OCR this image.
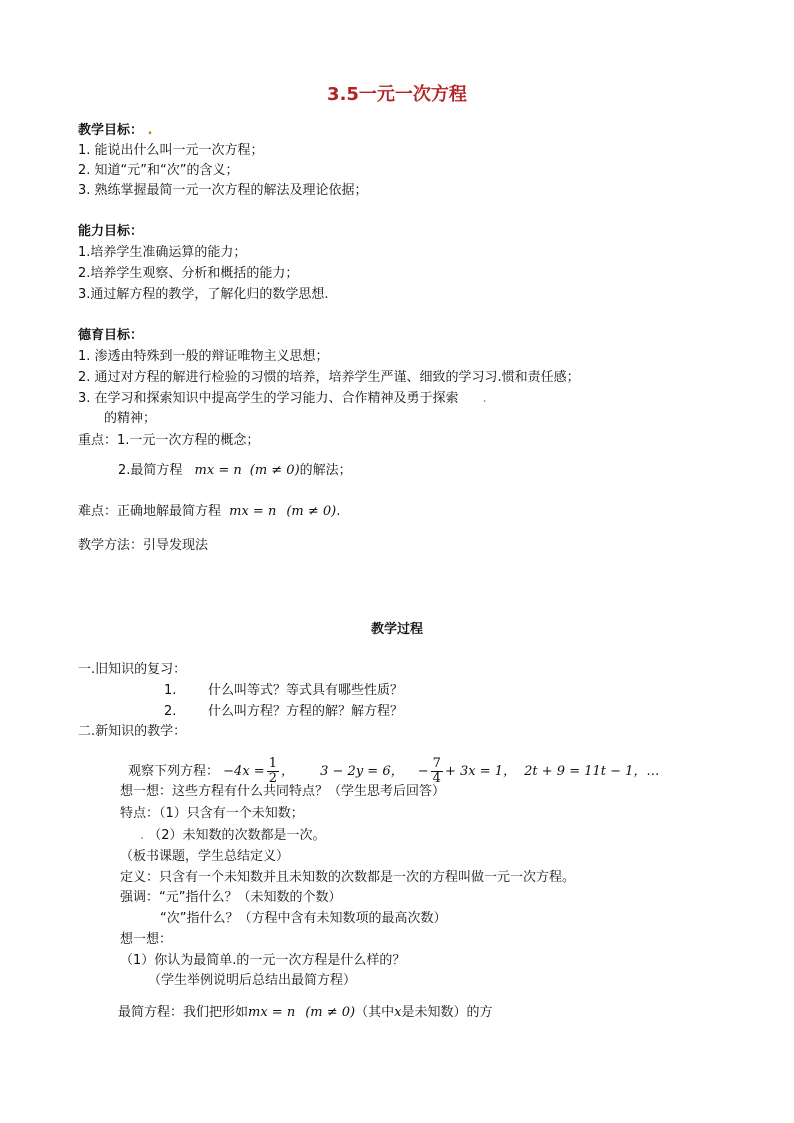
3.5一元一次方程
教学目标： .
1. 能说出什么叫一元一次方程；
2. 知道“元”和“次”的含义；
3. 熟练掌握最简一元一次方程的解法及理论依据；
能力目标：
1.培养学生准确运算的能力；
2.培养学生观察、分析和概括的能力；
3.通过解方程的教学，了解化归的数学思想.
德育目标：
1. 渗透由特殊到一般的辩证唯物主义思想；
2. 通过对方程的解进行检验的习惯的培养，培养学生严谨、细致的学习习.惯和责任感；
3. 在学习和探索知识中提高学生的学习能力、合作精神及勇于探索 .
的精神；
重点：1.一元一次方程的概念；
2.最简方程 mx = n (m ≠ 0)的解法；
难点：正确地解最简方程 mx = n (m ≠ 0).
教学方法：引导发现法
教学过程
一.旧知识的复习：
1. 什么叫等式？等式具有哪些性质？
2. 什么叫方程？方程的解？解方程？
二.新知识的教学：
观察下列方程： $-4x = \frac{1}{2}$ ， 3 − 2y = 6， − $\frac{7}{4} + 3x = 1$， 2t + 9 = 11t − 1，…
想一想：这些方程有什么共同特点？（学生思考后回答）
特点：（1）只含有一个未知数；
. （2）未知数的次数都是一次。
（板书课题，学生总结定义）
定义：只含有一个未知数并且未知数的次数都是一次的方程叫做一元一次方程。
强调：“元”指什么？（未知数的个数）
“次”指什么？（方程中含有未知数项的最高次数）
想一想：
（1）你认为最简单.的一元一次方程是什么样的？
（学生举例说明后总结出最简方程）
最简方程：我们把形如mx = n (m ≠ 0)（其中x是未知数）的方
